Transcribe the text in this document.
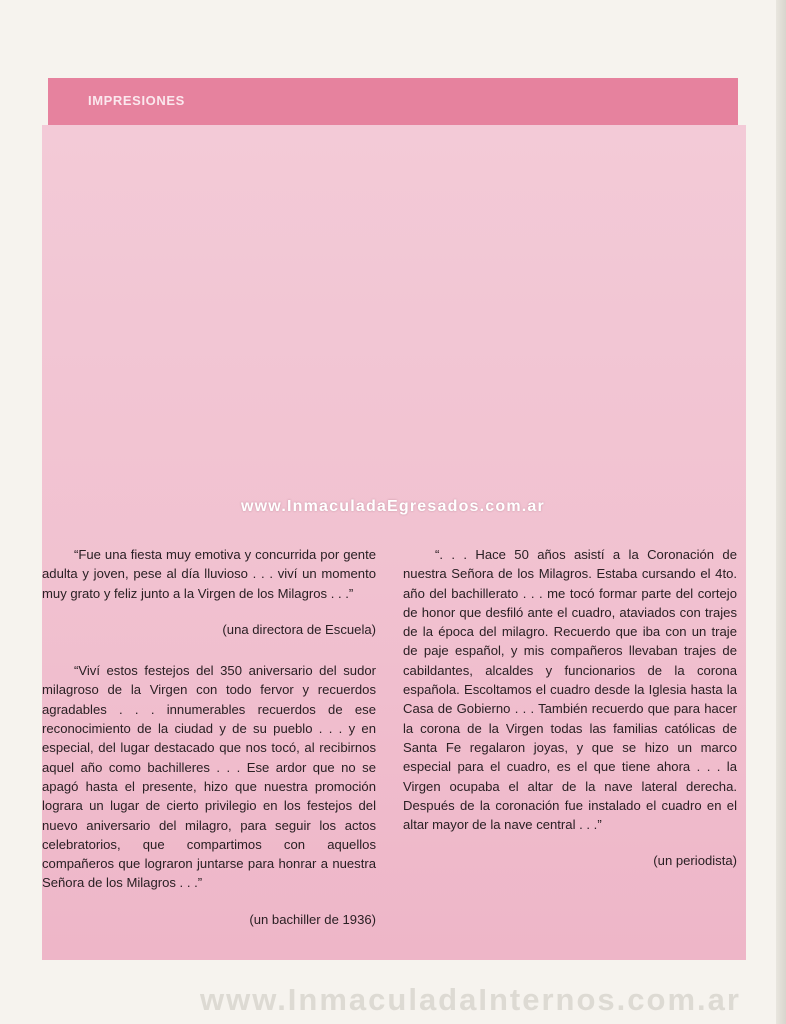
IMPRESIONES
www.InmaculadaEgresados.com.ar

“Fue una fiesta muy emotiva y concurrida por gente adulta y joven, pese al día lluvioso . . . viví un momento muy grato y feliz junto a la Virgen de los Milagros . . .”

(una directora de Escuela)

“Viví estos festejos del 350 aniversario del sudor milagroso de la Virgen con todo fervor y recuerdos agradables . . . innumerables recuerdos de ese reconocimiento de la ciudad y de su pueblo . . . y en especial, del lugar destacado que nos tocó, al recibirnos aquel año como bachilleres . . . Ese ardor que no se apagó hasta el presente, hizo que nuestra promoción lograra un lugar de cierto privilegio en los festejos del nuevo aniversario del milagro, para seguir los actos celebratorios, que compartimos con aquellos compañeros que lograron juntarse para honrar a nuestra Señora de los Milagros . . .”

(un bachiller de 1936)

“. . . Hace 50 años asistí a la Coronación de nuestra Señora de los Milagros. Estaba cursando el 4to. año del bachillerato . . . me tocó formar parte del cortejo de honor que desfiló ante el cuadro, ataviados con trajes de la época del milagro. Recuerdo que iba con un traje de paje español, y mis compañeros llevaban trajes de cabildantes, alcaldes y funcionarios de la corona española. Escoltamos el cuadro desde la Iglesia hasta la Casa de Gobierno . . . También recuerdo que para hacer la corona de la Virgen todas las familias católicas de Santa Fe regalaron joyas, y que se hizo un marco especial para el cuadro, es el que tiene ahora . . . la Virgen ocupaba el altar de la nave lateral derecha. Después de la coronación fue instalado el cuadro en el altar mayor de la nave central . . .”

(un periodista)

www.InmaculadaInternos.com.ar
